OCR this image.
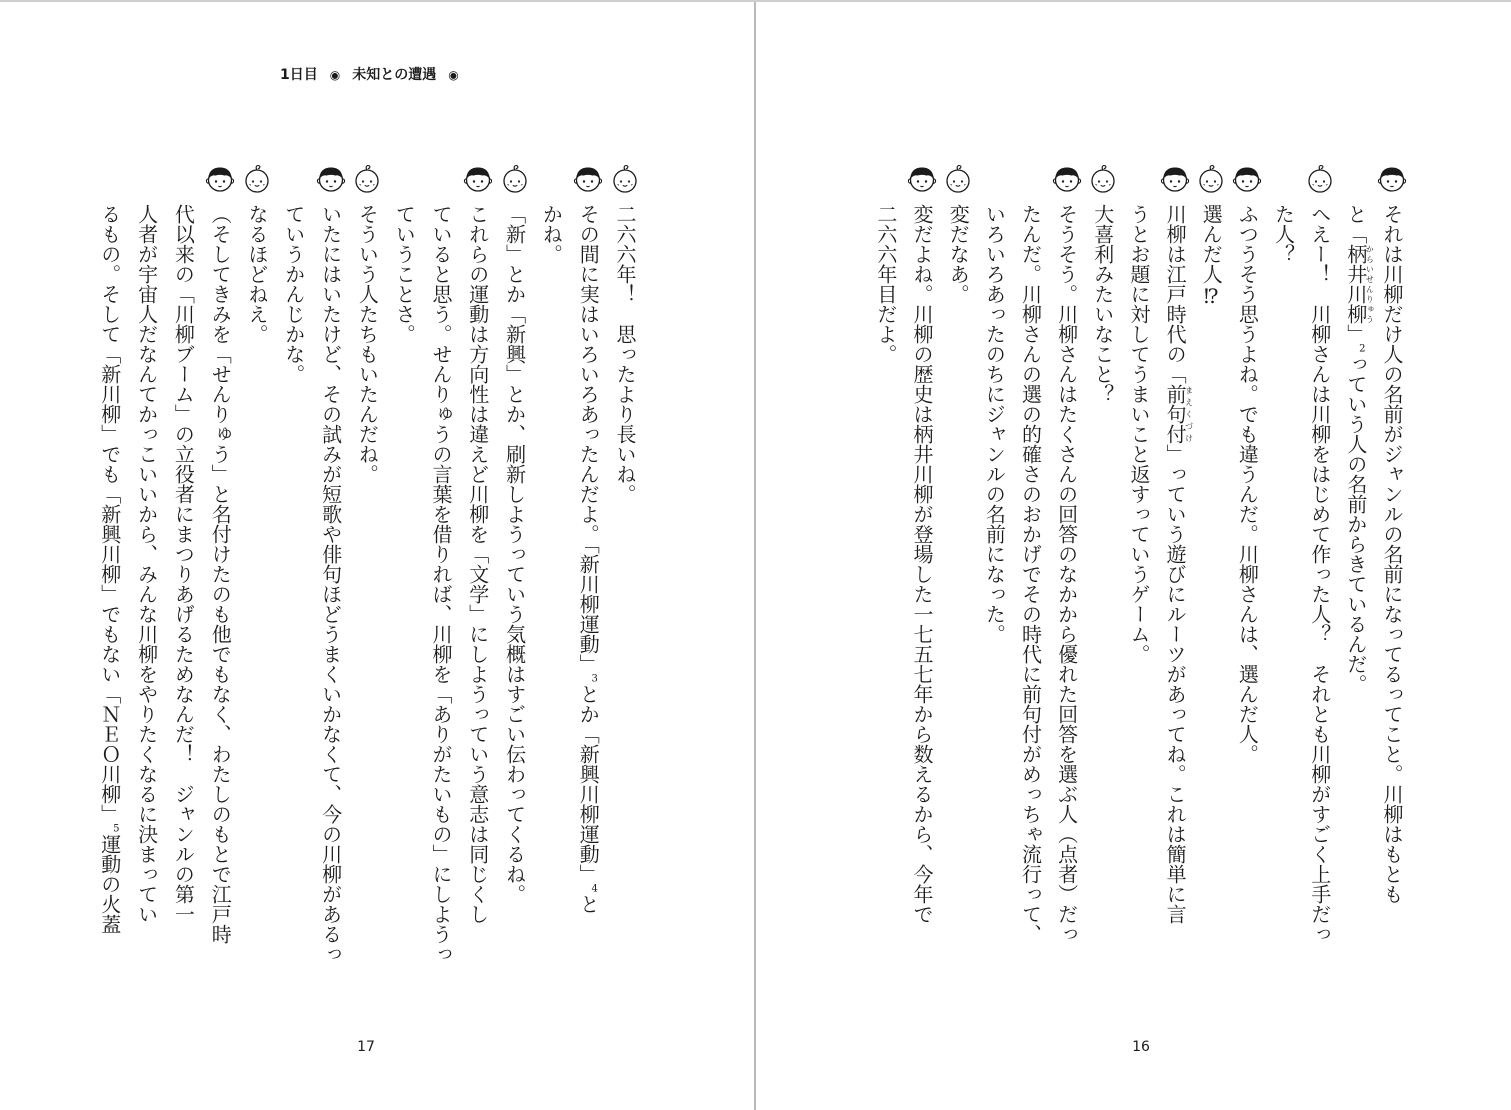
1日目 ◉ 未知との遭遇 ◉
二六六年！　思ったより長いね。
その間に実はいろいろあったんだよ。「新川柳運動」3とか「新興川柳運動」4と
かね。
「新」とか「新興」とか、刷新しようっていう気概はすごい伝わってくるね。
これらの運動は方向性は違えど川柳を「文学」にしようっていう意志は同じくし
ていると思う。せんりゅうの言葉を借りれば、川柳を「ありがたいもの」にしようっ
ていうことさ。
そういう人たちもいたんだね。
いたにはいたけど、その試みが短歌や俳句ほどうまくいかなくて、今の川柳があるっ
ていうかんじかな。
なるほどねえ。
（そしてきみを「せんりゅう」と名付けたのも他でもなく、わたしのもとで江戸時
代以来の「川柳ブーム」の立役者にまつりあげるためなんだ！　ジャンルの第一
人者が宇宙人だなんてかっこいいから、みんな川柳をやりたくなるに決まってい
るもの。そして「新川柳」でも「新興川柳」でもない「ＮＥＯ川柳」5運動の火蓋
17
それは川柳だけ人の名前がジャンルの名前になってるってこと。川柳はもとも
と「柄井川柳からいせんりゅう」2っていう人の名前からきているんだ。
へえー！　川柳さんは川柳をはじめて作った人？　それとも川柳がすごく上手だっ
た人？
ふつうそう思うよね。でも違うんだ。川柳さんは、選んだ人。
選んだ人⁉
川柳は江戸時代の「前句付まえくづけ」っていう遊びにルーツがあってね。これは簡単に言
うとお題に対してうまいこと返すっていうゲーム。
大喜利みたいなこと？
そうそう。川柳さんはたくさんの回答のなかから優れた回答を選ぶ人（点者）だっ
たんだ。川柳さんの選の的確さのおかげでその時代に前句付がめっちゃ流行って、
いろいろあったのちにジャンルの名前になった。
変だなあ。
変だよね。川柳の歴史は柄井川柳が登場した一七五七年から数えるから、今年で
二六六年目だよ。
16
